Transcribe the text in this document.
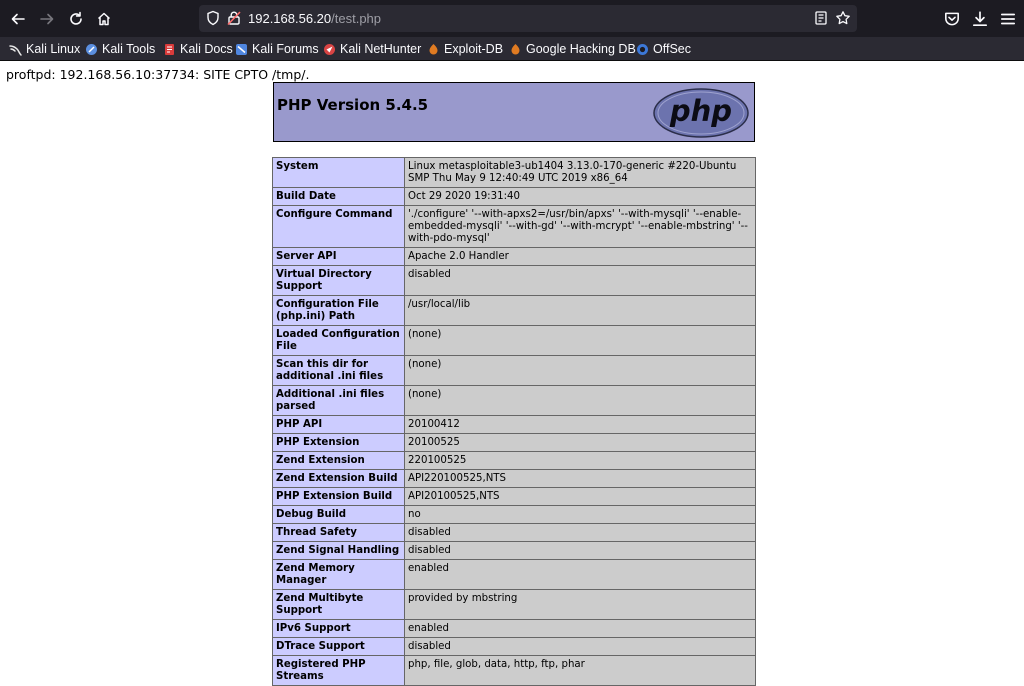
192.168.56.20/test.php
Kali Linux Kali Tools Kali Docs Kali Forums Kali NetHunter Exploit-DB Google Hacking DB OffSec
proftpd: 192.168.56.10:37734: SITE CPTO /tmp/.
PHP Version 5.4.5	php
System	Linux metasploitable3-ub1404 3.13.0-170-generic #220-Ubuntu SMP Thu May 9 12:40:49 UTC 2019 x86_64
Build Date	Oct 29 2020 19:31:40
Configure Command	'./configure' '--with-apxs2=/usr/bin/apxs' '--with-mysqli' '--enable-embedded-mysqli' '--with-gd' '--with-mcrypt' '--enable-mbstring' '--with-pdo-mysql'
Server API	Apache 2.0 Handler
Virtual Directory Support	disabled
Configuration File (php.ini) Path	/usr/local/lib
Loaded Configuration File	(none)
Scan this dir for additional .ini files	(none)
Additional .ini files parsed	(none)
PHP API	20100412
PHP Extension	20100525
Zend Extension	220100525
Zend Extension Build	API220100525,NTS
PHP Extension Build	API20100525,NTS
Debug Build	no
Thread Safety	disabled
Zend Signal Handling	disabled
Zend Memory Manager	enabled
Zend Multibyte Support	provided by mbstring
IPv6 Support	enabled
DTrace Support	disabled
Registered PHP Streams	php, file, glob, data, http, ftp, phar
